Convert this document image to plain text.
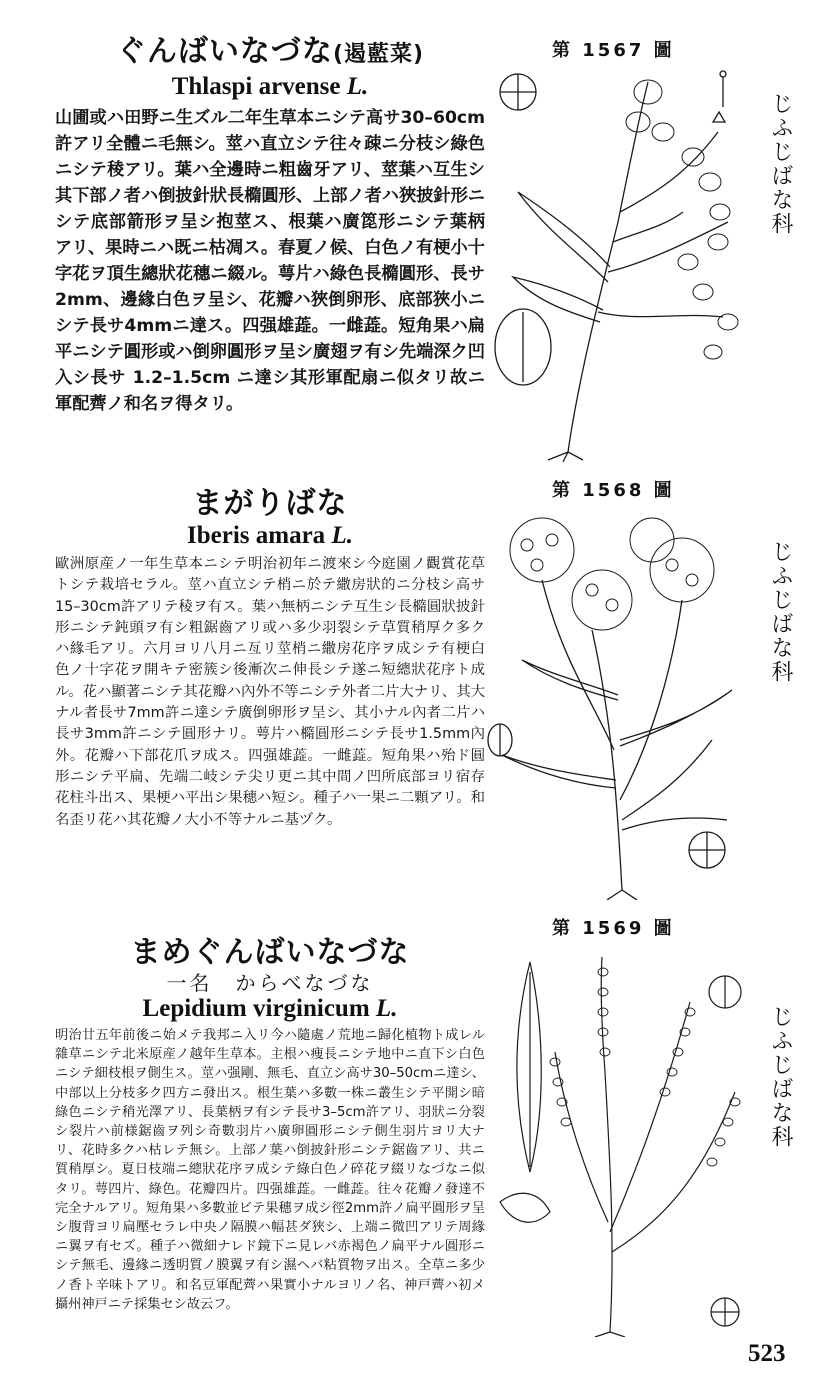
ぐんばいなづな(遏藍菜)
Thlaspi arvense L.
山圃或ハ田野ニ生ズル二年生草本ニシテ高サ30–60cm許アリ全體ニ毛無シ。莖ハ直立シテ往々疎ニ分枝シ綠色ニシテ稜アリ。葉ハ全邊時ニ粗齒牙アリ、莖葉ハ互生シ其下部ノ者ハ倒披針狀長橢圓形、上部ノ者ハ狹披針形ニシテ底部箭形ヲ呈シ抱莖ス、根葉ハ廣箆形ニシテ葉柄アリ、果時ニハ既ニ枯凋ス。春夏ノ候、白色ノ有梗小十字花ヲ頂生總狀花穗ニ綴ル。萼片ハ綠色長橢圓形、長サ2mm、邊緣白色ヲ呈シ、花瓣ハ狹倒卵形、底部狹小ニシテ長サ4mmニ達ス。四强雄蕋。一雌蕋。短角果ハ扁平ニシテ圓形或ハ倒卵圓形ヲ呈シ廣翅ヲ有シ先端深ク凹入シ長サ 1.2–1.5cm ニ達シ其形軍配扇ニ似タリ故ニ軍配薺ノ和名ヲ得タリ。
まがりばな
Iberis amara L.
歐洲原産ノ一年生草本ニシテ明治初年ニ渡來シ今庭園ノ觀賞花草トシテ栽培セラル。莖ハ直立シテ梢ニ於テ繖房狀的ニ分枝シ高サ15–30cm許アリテ稜ヲ有ス。葉ハ無柄ニシテ互生シ長橢圓狀披針形ニシテ鈍頭ヲ有シ粗鋸齒アリ或ハ多少羽裂シテ草質稍厚ク多クハ緣毛アリ。六月ヨリ八月ニ亙リ莖梢ニ繖房花序ヲ成シテ有梗白色ノ十字花ヲ開キテ密簇シ後漸次ニ伸長シテ遂ニ短總狀花序ト成ル。花ハ顯著ニシテ其花瓣ハ內外不等ニシテ外者二片大ナリ、其大ナル者長サ7mm許ニ達シテ廣倒卵形ヲ呈シ、其小ナル內者二片ハ長サ3mm許ニシテ圓形ナリ。萼片ハ橢圓形ニシテ長サ1.5mm內外。花瓣ハ下部花爪ヲ成ス。四强雄蕋。一雌蕋。短角果ハ殆ド圓形ニシテ平扁、先端二岐シテ尖リ更ニ其中間ノ凹所底部ヨリ宿存花柱斗出ス、果梗ハ平出シ果穗ハ短シ。種子ハ一果ニ二顆アリ。和名歪リ花ハ其花瓣ノ大小不等ナルニ基ヅク。
まめぐんばいなづな
一名　からべなづな
Lepidium virginicum L.
明治廿五年前後ニ始メテ我邦ニ入リ今ハ隨處ノ荒地ニ歸化植物ト成レル雜草ニシテ北米原産ノ越年生草本。主根ハ痩長ニシテ地中ニ直下シ白色ニシテ細枝根ヲ側生ス。莖ハ强剛、無毛、直立シ高サ30–50cmニ達シ、中部以上分枝多ク四方ニ發出ス。根生葉ハ多數一株ニ叢生シテ平開シ暗綠色ニシテ稍光澤アリ、長葉柄ヲ有シテ長サ3–5cm許アリ、羽狀ニ分裂シ裂片ハ前様鋸齒ヲ列シ奇數羽片ハ廣卵圓形ニシテ側生羽片ヨリ大ナリ、花時多クハ枯レテ無シ。上部ノ葉ハ倒披針形ニシテ鋸齒アリ、共ニ質稍厚シ。夏日枝端ニ總狀花序ヲ成シテ綠白色ノ碎花ヲ綴リなづなニ似タリ。萼四片、綠色。花瓣四片。四强雄蕋。一雌蕋。往々花瓣ノ發達不完全ナルアリ。短角果ハ多數並ビテ果穗ヲ成シ徑2mm許ノ扁平圓形ヲ呈シ腹背ヨリ扁壓セラレ中央ノ隔膜ハ幅甚ダ狹シ、上端ニ微凹アリテ周緣ニ翼ヲ有セズ。種子ハ微細ナレド鏡下ニ見レバ赤褐色ノ扁平ナル圓形ニシテ無毛、邊緣ニ透明質ノ膜翼ヲ有シ濕ヘバ粘質物ヲ出ス。全草ニ多少ノ香ト辛味トアリ。和名豆軍配薺ハ果實小ナルヨリノ名、神戸薺ハ初メ攝州神戸ニテ採集セシ故云フ。
第 1567 圖
第 1568 圖
第 1569 圖
じふじばな科
じふじばな科
じふじばな科
523
